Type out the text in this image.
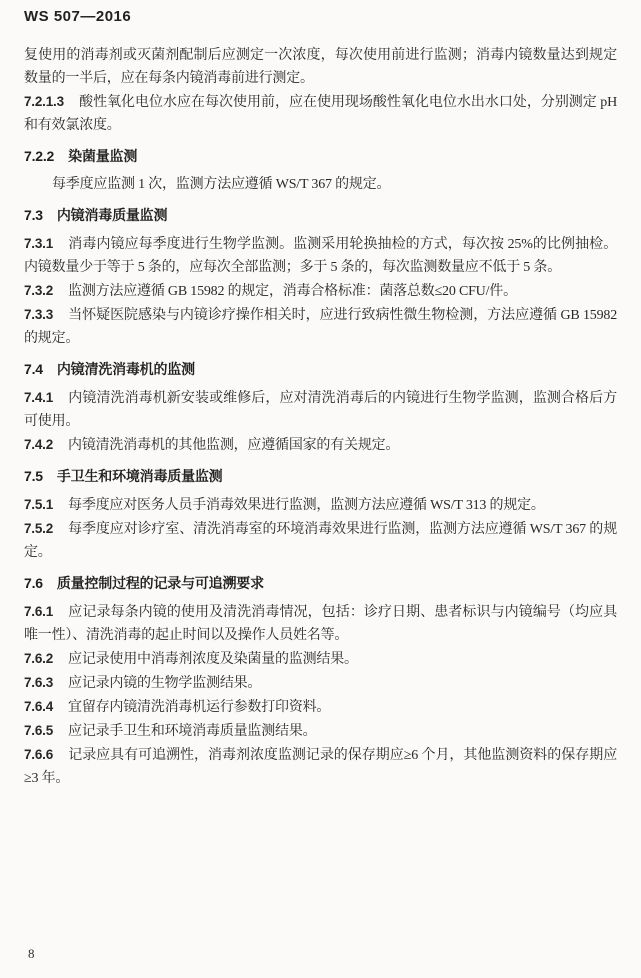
WS 507—2016

复使用的消毒剂或灭菌剂配制后应测定一次浓度，每次使用前进行监测；消毒内镜数量达到规定数量的一半后，应在每条内镜消毒前进行测定。

7.2.1.3 酸性氧化电位水应在每次使用前，应在使用现场酸性氧化电位水出水口处，分别测定 pH 和有效氯浓度。

7.2.2 染菌量监测

每季度应监测 1 次，监测方法应遵循 WS/T 367 的规定。

7.3 内镜消毒质量监测

7.3.1 消毒内镜应每季度进行生物学监测。监测采用轮换抽检的方式，每次按 25%的比例抽检。内镜数量少于等于 5 条的，应每次全部监测；多于 5 条的，每次监测数量应不低于 5 条。

7.3.2 监测方法应遵循 GB 15982 的规定，消毒合格标准：菌落总数≤20 CFU/件。

7.3.3 当怀疑医院感染与内镜诊疗操作相关时，应进行致病性微生物检测，方法应遵循 GB 15982 的规定。

7.4 内镜清洗消毒机的监测

7.4.1 内镜清洗消毒机新安装或维修后，应对清洗消毒后的内镜进行生物学监测，监测合格后方可使用。

7.4.2 内镜清洗消毒机的其他监测，应遵循国家的有关规定。

7.5 手卫生和环境消毒质量监测

7.5.1 每季度应对医务人员手消毒效果进行监测，监测方法应遵循 WS/T 313 的规定。

7.5.2 每季度应对诊疗室、清洗消毒室的环境消毒效果进行监测，监测方法应遵循 WS/T 367 的规定。

7.6 质量控制过程的记录与可追溯要求

7.6.1 应记录每条内镜的使用及清洗消毒情况，包括：诊疗日期、患者标识与内镜编号（均应具唯一性）、清洗消毒的起止时间以及操作人员姓名等。

7.6.2 应记录使用中消毒剂浓度及染菌量的监测结果。

7.6.3 应记录内镜的生物学监测结果。

7.6.4 宜留存内镜清洗消毒机运行参数打印资料。

7.6.5 应记录手卫生和环境消毒质量监测结果。

7.6.6 记录应具有可追溯性，消毒剂浓度监测记录的保存期应≥6 个月，其他监测资料的保存期应≥3 年。

8
